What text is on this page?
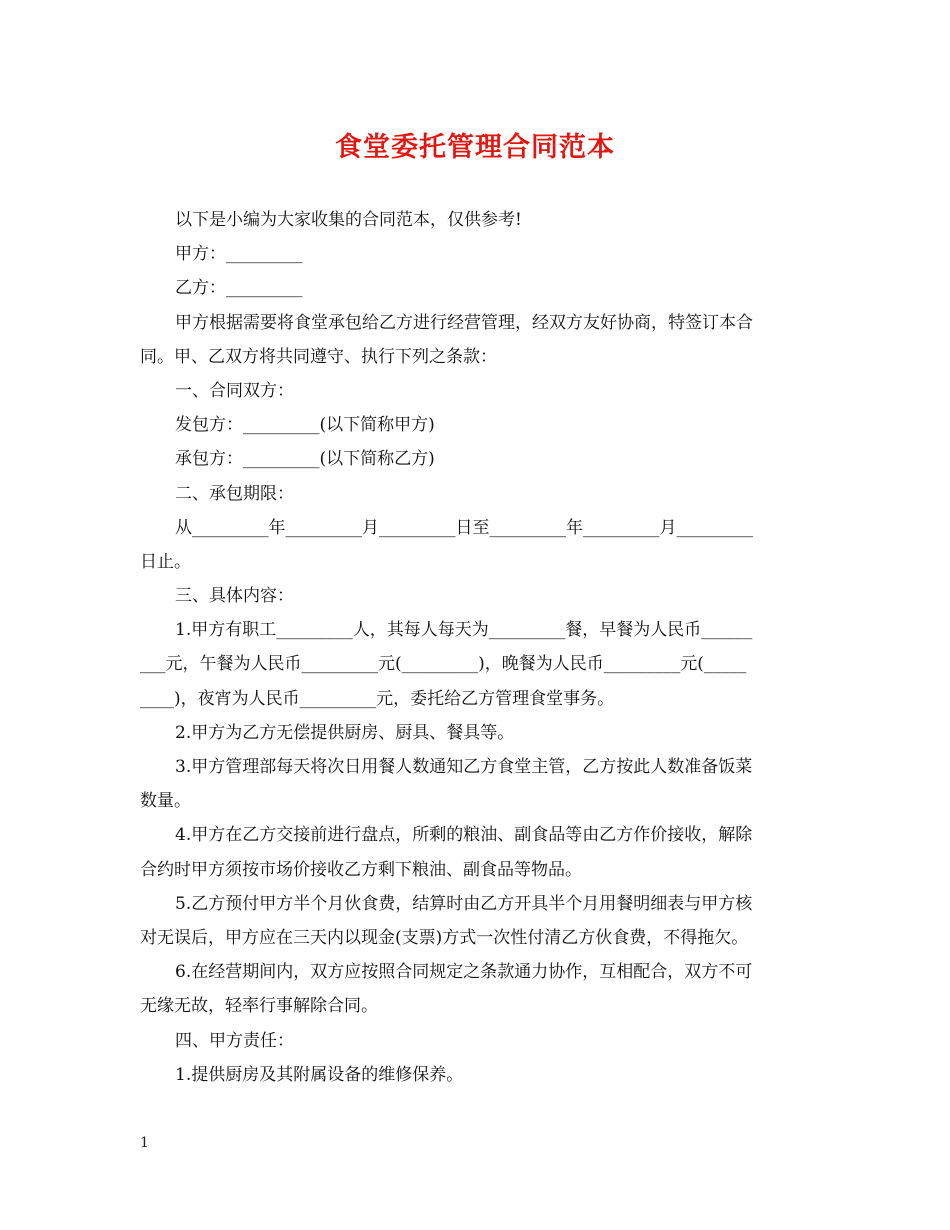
食堂委托管理合同范本
以下是小编为大家收集的合同范本，仅供参考!
甲方：_________
乙方：_________
甲方根据需要将食堂承包给乙方进行经营管理，经双方友好协商，特签订本合
同。甲、乙双方将共同遵守、执行下列之条款：
一、合同双方：
发包方：_________(以下简称甲方)
承包方：_________(以下简称乙方)
二、承包期限：
从_________年_________月_________日至_________年_________月_________
日止。
三、具体内容：
1.甲方有职工_________人，其每人每天为_________餐，早餐为人民币______
___元，午餐为人民币_________元(_________)，晚餐为人民币_________元(_____
____)，夜宵为人民币_________元，委托给乙方管理食堂事务。
2.甲方为乙方无偿提供厨房、厨具、餐具等。
3.甲方管理部每天将次日用餐人数通知乙方食堂主管，乙方按此人数准备饭菜
数量。
4.甲方在乙方交接前进行盘点，所剩的粮油、副食品等由乙方作价接收，解除
合约时甲方须按市场价接收乙方剩下粮油、副食品等物品。
5.乙方预付甲方半个月伙食费，结算时由乙方开具半个月用餐明细表与甲方核
对无误后，甲方应在三天内以现金(支票)方式一次性付清乙方伙食费，不得拖欠。
6.在经营期间内，双方应按照合同规定之条款通力协作，互相配合，双方不可
无缘无故，轻率行事解除合同。
四、甲方责任：
1.提供厨房及其附属设备的维修保养。
1
